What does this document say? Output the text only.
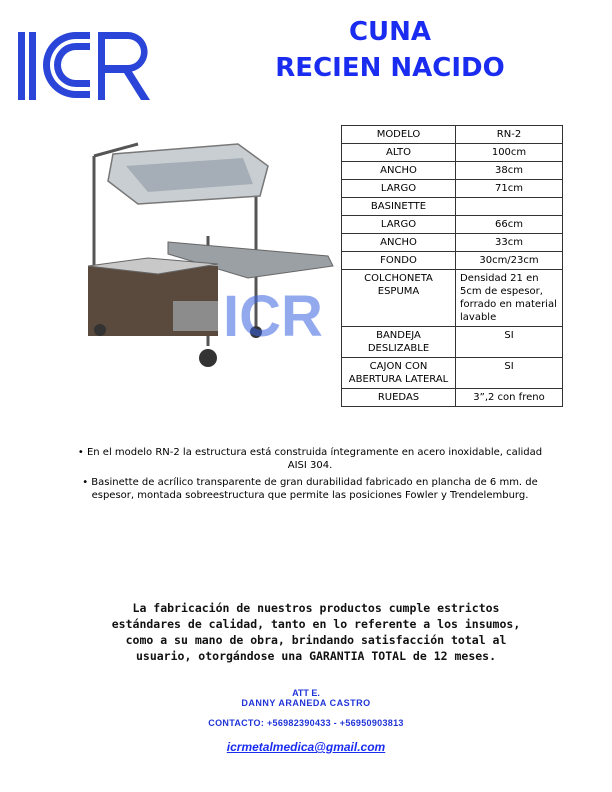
CUNA
RECIEN NACIDO
ICR
MODELO	RN-2
ALTO	100cm
ANCHO	38cm
LARGO	71cm
BASINETTE	
LARGO	66cm
ANCHO	33cm
FONDO	30cm/23cm
COLCHONETA ESPUMA	Densidad 21 en 5cm de espesor, forrado en material lavable
BANDEJA DESLIZABLE	SI
CAJON CON ABERTURA LATERAL	SI
RUEDAS	3”,2 con freno

• En el modelo RN-2 la estructura está construida íntegramente en acero inoxidable, calidad AISI 304.

• Basinette de acrílico transparente de gran durabilidad fabricado en plancha de 6 mm. de espesor, montada sobreestructura que permite las posiciones Fowler y Trendelemburg.

La fabricación de nuestros productos cumple estrictos estándares de calidad, tanto en lo referente a los insumos, como a su mano de obra, brindando satisfacción total al usuario, otorgándose una GARANTIA TOTAL de 12 meses.
ATT E.
DANNY ARANEDA CASTRO
CONTACTO: +56982390433 - +56950903813
icrmetalmedica@gmail.com
